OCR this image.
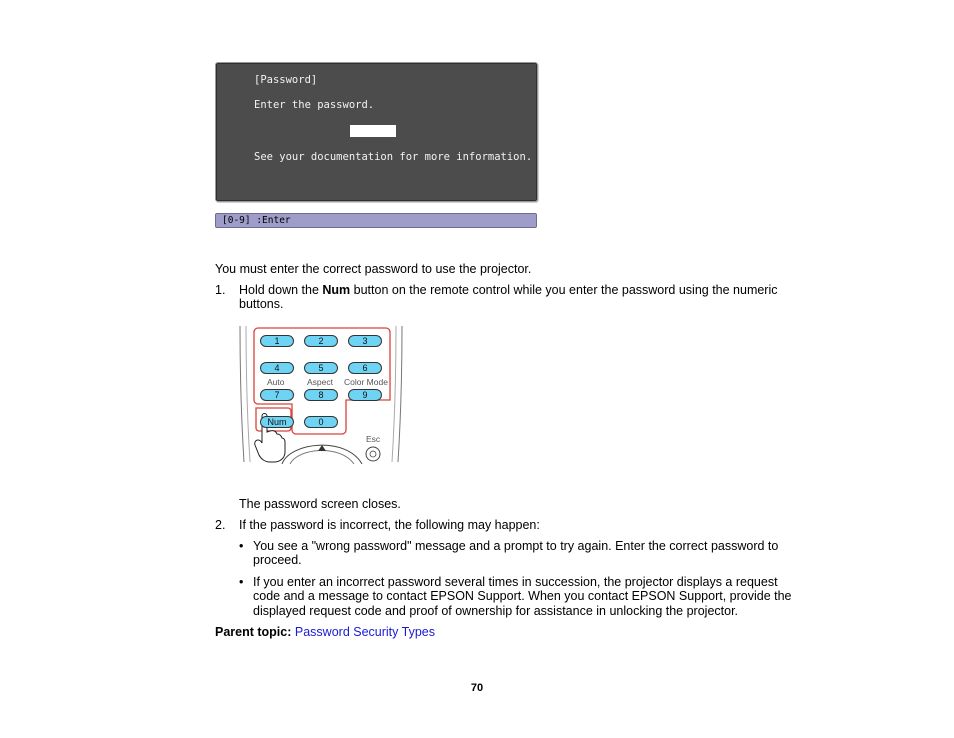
[Password]
Enter the password.
See your documentation for more information.
[0-9] :Enter
You must enter the correct password to use the projector.
1. Hold down the Num button on the remote control while you enter the password using the numeric
buttons.
1	2	3
4	5	6
Auto	Aspect Color Mode
7	8	9
Num	0
Esc
The password screen closes.
2. If the password is incorrect, the following may happen:
• You see a "wrong password" message and a prompt to try again. Enter the correct password to
proceed.
• If you enter an incorrect password several times in succession, the projector displays a request
code and a message to contact EPSON Support. When you contact EPSON Support, provide the
displayed request code and proof of ownership for assistance in unlocking the projector.
Parent topic: Password Security Types
70
